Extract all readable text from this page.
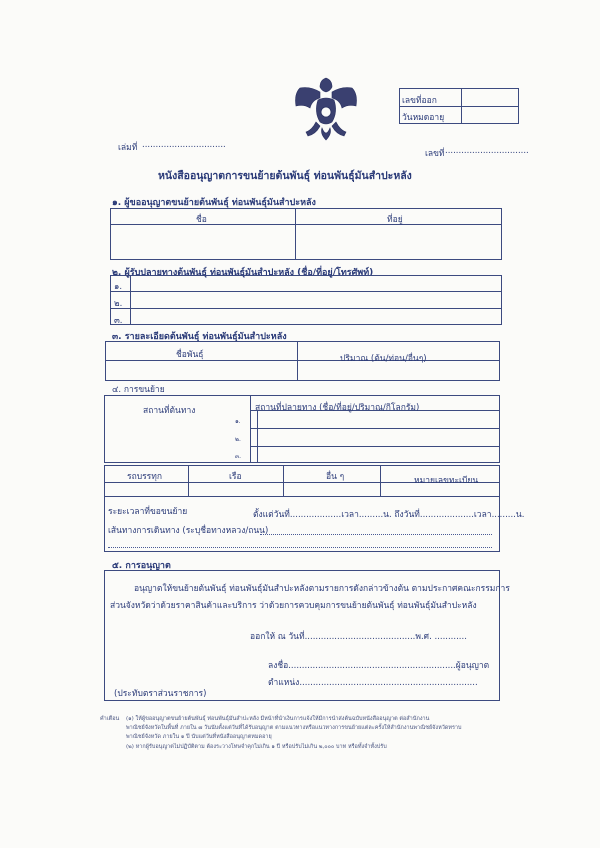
เลขที่ออก
วันหมดอายุ
เล่มที่ ...............................
เลขที่ ...............................
หนังสืออนุญาตการขนย้ายต้นพันธุ์ ท่อนพันธุ์มันสำปะหลัง
๑. ผู้ขออนุญาตขนย้ายต้นพันธุ์ ท่อนพันธุ์มันสำปะหลัง
ชื่อ	ที่อยู่
๒. ผู้รับปลายทางต้นพันธุ์ ท่อนพันธุ์มันสำปะหลัง (ชื่อ/ที่อยู่/โทรศัพท์)
๑.
๒.
๓.
๓. รายละเอียดต้นพันธุ์ ท่อนพันธุ์มันสำปะหลัง
ชื่อพันธุ์	ปริมาณ (ต้น/ท่อน/อื่นๆ)
๔. การขนย้าย
สถานที่ต้นทาง	สถานที่ปลายทาง (ชื่อ/ที่อยู่/ปริมาณ/กิโลกรัม)
๑.
๒.
๓.
รถบรรทุก	เรือ	อื่น ๆ	หมายเลขทะเบียน
ระยะเวลาที่ขอขนย้าย	ตั้งแต่วันที่...................เวลา.........น. ถึงวันที่....................เวลา.........น.
เส้นทางการเดินทาง (ระบุชื่อทางหลวง/ถนน)
๕. การอนุญาต
อนุญาตให้ขนย้ายต้นพันธุ์ ท่อนพันธุ์มันสำปะหลังตามรายการดังกล่าวข้างต้น ตามประกาศคณะกรรมการ
ส่วนจังหวัดว่าด้วยราคาสินค้าและบริการ ว่าด้วยการควบคุมการขนย้ายต้นพันธุ์ ท่อนพันธุ์มันสำปะหลัง
ออกให้ ณ วันที่.........................................พ.ศ. ............
ลงชื่อ..............................................................ผู้อนุญาต
ตำแหน่ง..................................................................
(ประทับตราส่วนราชการ)
คำเตือน (๑) ให้ผู้ขออนุญาตขนย้ายต้นพันธุ์ ท่อนพันธุ์มันสำปะหลัง มีหน้าที่นำเงินการแจ้งให้มีการนำส่งต้นฉบับหนังสืออนุญาต ต่อสำนักงาน
พาณิชย์จังหวัดในพื้นที่ ภายใน ๗ วันนับตั้งแต่วันที่ได้รับอนุญาต ตามแนวทางหรือแนวทางการขนย้ายแต่ละครั้งให้สำนักงานพาณิชย์จังหวัดทราบ
พาณิชย์จังหวัด ภายใน ๑ ปี นับแต่วันที่หนังสืออนุญาตหมดอายุ
(๒) หากผู้รับอนุญาตไม่ปฏิบัติตาม ต้องระวางโทษจำคุกไม่เกิน ๑ ปี หรือปรับไม่เกิน ๒,๐๐๐ บาท หรือทั้งจำทั้งปรับ
